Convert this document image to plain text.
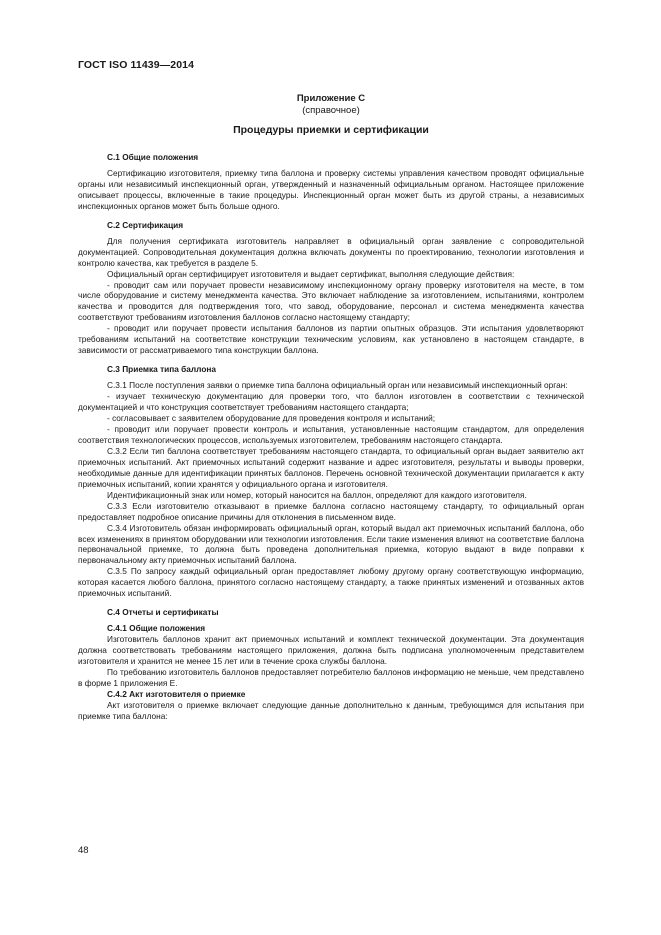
ГОСТ ISO 11439—2014
Приложение С
(справочное)
Процедуры приемки и сертификации
С.1 Общие положения

Сертификацию изготовителя, приемку типа баллона и проверку системы управления качеством проводят официальные органы или независимый инспекционный орган, утвержденный и назначенный официальным органом. Настоящее приложение описывает процессы, включенные в такие процедуры. Инспекционный орган может быть из другой страны, а независимых инспекционных органов может быть больше одного.

С.2 Сертификация

Для получения сертификата изготовитель направляет в официальный орган заявление с сопроводительной документацией. Сопроводительная документация должна включать документы по проектированию, технологии изготовления и контролю качества, как требуется в разделе 5.

Официальный орган сертифицирует изготовителя и выдает сертификат, выполняя следующие действия:

- проводит сам или поручает провести независимому инспекционному органу проверку изготовителя на месте, в том числе оборудование и систему менеджмента качества. Это включает наблюдение за изготовлением, испытаниями, контролем качества и проводится для подтверждения того, что завод, оборудование, персонал и система менеджмента качества соответствуют требованиям изготовления баллонов согласно настоящему стандарту;

- проводит или поручает провести испытания баллонов из партии опытных образцов. Эти испытания удовлетворяют требованиям испытаний на соответствие конструкции техническим условиям, как установлено в настоящем стандарте, в зависимости от рассматриваемого типа конструкции баллона.

С.3 Приемка типа баллона

С.3.1 После поступления заявки о приемке типа баллона официальный орган или независимый инспекционный орган:

- изучает техническую документацию для проверки того, что баллон изготовлен в соответствии с технической документацией и что конструкция соответствует требованиям настоящего стандарта;

- согласовывает с заявителем оборудование для проведения контроля и испытаний;

- проводит или поручает провести контроль и испытания, установленные настоящим стандартом, для определения соответствия технологических процессов, используемых изготовителем, требованиям настоящего стандарта.

С.3.2 Если тип баллона соответствует требованиям настоящего стандарта, то официальный орган выдает заявителю акт приемочных испытаний. Акт приемочных испытаний содержит название и адрес изготовителя, результаты и выводы проверки, необходимые данные для идентификации принятых баллонов. Перечень основной технической документации прилагается к акту приемочных испытаний, копии хранятся у официального органа и изготовителя.

Идентификационный знак или номер, который наносится на баллон, определяют для каждого изготовителя.

С.3.3 Если изготовителю отказывают в приемке баллона согласно настоящему стандарту, то официальный орган предоставляет подробное описание причины для отклонения в письменном виде.

С.3.4 Изготовитель обязан информировать официальный орган, который выдал акт приемочных испытаний баллона, обо всех изменениях в принятом оборудовании или технологии изготовления. Если такие изменения влияют на соответствие баллона первоначальной приемке, то должна быть проведена дополнительная приемка, которую выдают в виде поправки к первоначальному акту приемочных испытаний баллона.

С.3.5 По запросу каждый официальный орган предоставляет любому другому органу соответствующую информацию, которая касается любого баллона, принятого согласно настоящему стандарту, а также принятых изменений и отозванных актов приемочных испытаний.

С.4 Отчеты и сертификаты
С.4.1 Общие положения

Изготовитель баллонов хранит акт приемочных испытаний и комплект технической документации. Эта документация должна соответствовать требованиям настоящего приложения, должна быть подписана уполномоченным представителем изготовителя и хранится не менее 15 лет или в течение срока службы баллона.

По требованию изготовитель баллонов предоставляет потребителю баллонов информацию не меньше, чем представлено в форме 1 приложения Е.

С.4.2 Акт изготовителя о приемке

Акт изготовителя о приемке включает следующие данные дополнительно к данным, требующимся для испытания при приемке типа баллона:

48
